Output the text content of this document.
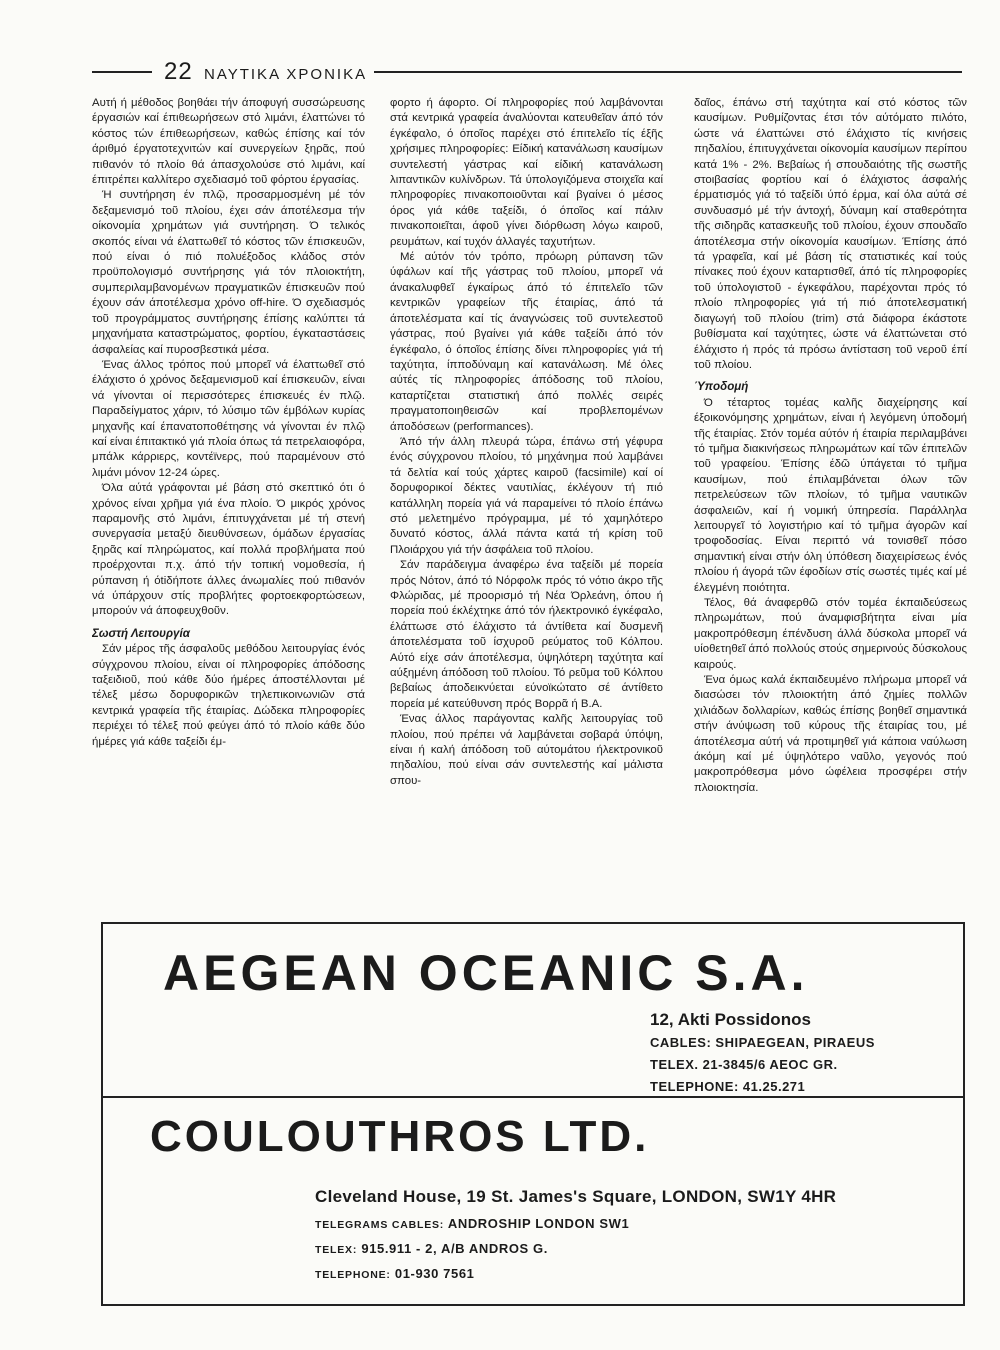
22 ΝΑΥΤΙΚΑ ΧΡΟΝΙΚΑ

Αυτή ή μέθοδος βοηθάει τήν άποφυγή συσσώρευσης έργασιών καί έπιθεωρήσεων στό λιμάνι, έλαττώνει τό κόστος τών έπιθεωρήσεων, καθώς έπίσης καί τόν άριθμό έργατοτεχνιτών καί συνεργείων ξηρᾶς, πού πιθανόν τό πλοίο θά άπασχολούσε στό λιμάνι, καί έπιτρέπει καλλίτερο σχεδιασμό τοῦ φόρτου έργασίας.

Ή συντήρηση έν πλῷ, προσαρμοσμένη μέ τόν δεξαμενισμό τοῦ πλοίου, έχει σάν άποτέλεσμα τήν οίκονομία χρημάτων γιά συντήρηση. Ό τελικός σκοπός είναι νά έλαττωθεῖ τό κόστος τῶν έπισκευῶν, πού είναι ό πιό πολυέξοδος κλάδος στόν προϋπολογισμό συντήρησης γιά τόν πλοιοκτήτη, συμπεριλαμβανομένων πραγματικῶν έπισκευῶν πού έχουν σάν άποτέλεσμα χρόνο off-hire. Ό σχεδιασμός τοῦ προγράμματος συντήρησης έπίσης καλύπτει τά μηχανήματα καταστρώματος, φορτίου, έγκαταστάσεις άσφαλείας καί πυροσβεστικά μέσα.

Ένας άλλος τρόπος πού μπορεῖ νά έλαττωθεῖ στό έλάχιστο ό χρόνος δεξαμενισμοῦ καί έπισκευῶν, είναι νά γίνονται οί περισσότερες έπισκευές έν πλῷ. Παραδείγματος χάριν, τό λύσιμο τῶν έμβόλων κυρίας μηχανῆς καί έπανατοποθέτησης νά γίνονται έν πλῷ καί είναι έπιτακτικό γιά πλοία όπως τά πετρελαιοφόρα, μπάλκ κάρριερς, κοντέϊνερς, πού παραμένουν στό λιμάνι μόνον 12-24 ώρες.

Όλα αύτά γράφονται μέ βάση στό σκεπτικό ότι ό χρόνος είναι χρῆμα γιά ένα πλοίο. Ό μικρός χρόνος παραμονῆς στό λιμάνι, έπιτυγχάνεται μέ τή στενή συνεργασία μεταξύ διευθύνσεων, όμάδων έργασίας ξηρᾶς καί πληρώματος, καί πολλά προβλήματα πού προέρχονται π.χ. άπό τήν τοπική νομοθεσία, ή ρύπανση ή όtiδήποτε άλλες άνωμαλίες πού πιθανόν νά ύπάρχουν στίς προβλήτες φορτοεκφορτώσεων, μπορούν νά άποφευχθοῦν.

Σωστή Λειτουργία

Σάν μέρος τῆς άσφαλοῦς μεθόδου λειτουργίας ένός σύγχρονου πλοίου, είναι οί πληροφορίες άπόδοσης ταξειδιοῦ, πού κάθε δύο ήμέρες άποστέλλονται μέ τέλεξ μέσω δορυφορικῶν τηλεπικοινωνιῶν στά κεντρικά γραφεία τῆς έταιρίας. Δώδεκα πληροφορίες περιέχει τό τέλεξ πού φεύγει άπό τό πλοίο κάθε δύο ήμέρες γιά κάθε ταξείδι έμ-

φορτο ή άφορτο. Οί πληροφορίες πού λαμβάνονται στά κεντρικά γραφεία άναλύονται κατευθεῖαν άπό τόν έγκέφαλο, ό όποῖος παρέχει στό έπιτελεῖο τίς έξῆς χρήσιμες πληροφορίες: Είδική κατανάλωση καυσίμων συντελεστή γάστρας καί είδική κατανάλωση λιπαντικῶν κυλίνδρων. Τά ύπολογιζόμενα στοιχεῖα καί πληροφορίες πινακοποιοῦνται καί βγαίνει ό μέσος όρος γιά κάθε ταξείδι, ό όποῖος καί πάλιν πινακοποιεῖται, άφοῦ γίνει διόρθωση λόγω καιροῦ, ρευμάτων, καί τυχόν άλλαγές ταχυτήτων.

Μέ αύτόν τόν τρόπο, πρόωρη ρύπανση τῶν ύφάλων καί τῆς γάστρας τοῦ πλοίου, μπορεῖ νά άνακαλυφθεῖ έγκαίρως άπό τό έπιτελεῖο τῶν κεντρικῶν γραφείων τῆς έταιρίας, άπό τά άποτελέσματα καί τίς άναγνώσεις τοῦ συντελεστοῦ γάστρας, πού βγαίνει γιά κάθε ταξείδι άπό τόν έγκέφαλο, ό όποῖος έπίσης δίνει πληροφορίες γιά τή ταχύτητα, ίπποδύναμη καί κατανάλωση. Μέ όλες αύτές τίς πληροφορίες άπόδοσης τοῦ πλοίου, καταρτίζεται στατιστική άπό πολλές σειρές πραγματοποιηθεισῶν καί προβλεπομένων άποδόσεων (performances).

Άπό τήν άλλη πλευρά τώρα, έπάνω στή γέφυρα ένός σύγχρονου πλοίου, τό μηχάνημα πού λαμβάνει τά δελτία καί τούς χάρτες καιροῦ (facsimile) καί οί δορυφορικοί δέκτες ναυτιλίας, έκλέγουν τή πιό κατάλληλη πορεία γιά νά παραμείνει τό πλοίο έπάνω στό μελετημένο πρόγραμμα, μέ τό χαμηλότερο δυνατό κόστος, άλλά πάντα κατά τή κρίση τοῦ Πλοιάρχου γιά τήν άσφάλεια τοῦ πλοίου.

Σάν παράδειγμα άναφέρω ένα ταξείδι μέ πορεία πρός Νότον, άπό τό Νόρφολκ πρός τό νότιο άκρο τῆς Φλώριδας, μέ προορισμό τή Νέα Όρλεάνη, όπου ή πορεία πού έκλέχτηκε άπό τόν ήλεκτρονικό έγκέφαλο, έλάττωσε στό έλάχιστο τά άντίθετα καί δυσμενῆ άποτελέσματα τοῦ ίσχυροῦ ρεύματος τοῦ Κόλπου. Αύτό είχε σάν άποτέλεσμα, ύψηλότερη ταχύτητα καί αύξημένη άπόδοση τοῦ πλοίου. Τό ρεῦμα τοῦ Κόλπου βεβαίως άποδεικνύεται εύνοϊκώτατο σέ άντίθετο πορεία μέ κατεύθυνση πρός Βορρᾶ ή Β.Α.

Ένας άλλος παράγοντας καλῆς λειτουργίας τοῦ πλοίου, πού πρέπει νά λαμβάνεται σοβαρά ύπόψη, είναι ή καλή άπόδοση τοῦ αύτομάτου ήλεκτρονικοῦ πηδαλίου, πού είναι σάν συντελεστής καί μάλιστα σπου-

δαῖος, έπάνω στή ταχύτητα καί στό κόστος τῶν καυσίμων. Ρυθμίζοντας έτσι τόν αύτόματο πιλότο, ώστε νά έλαττώνει στό έλάχιστο τίς κινήσεις πηδαλίου, έπιτυγχάνεται οίκονομία καυσίμων περίπου κατά 1% - 2%. Βεβαίως ή σπουδαιότης τῆς σωστῆς στοιβασίας φορτίου καί ό έλάχιστος άσφαλής έρματισμός γιά τό ταξείδι ύπό έρμα, καί όλα αύτά σέ συνδυασμό μέ τήν άντοχή, δύναμη καί σταθερότητα τῆς σιδηρᾶς κατασκευῆς τοῦ πλοίου, έχουν σπουδαῖο άποτέλεσμα στήν οίκονομία καυσίμων. Έπίσης άπό τά γραφεῖα, καί μέ βάση τίς στατιστικές καί τούς πίνακες πού έχουν καταρτισθεῖ, άπό τίς πληροφορίες τοῦ ύπολογιστοῦ - έγκεφάλου, παρέχονται πρός τό πλοίο πληροφορίες γιά τή πιό άποτελεσματική διαγωγή τοῦ πλοίου (trim) στά διάφορα έκάστοτε βυθίσματα καί ταχύτητες, ώστε νά έλαττώνεται στό έλάχιστο ή πρός τά πρόσω άντίσταση τοῦ νεροῦ έπί τοῦ πλοίου.

Ύποδομή

Ό τέταρτος τομέας καλῆς διαχείρησης καί έξοικονόμησης χρημάτων, είναι ή λεγόμενη ύποδομή τῆς έταιρίας. Στόν τομέα αύτόν ή έταιρία περιλαμβάνει τό τμῆμα διακινήσεως πληρωμάτων καί τῶν έπιτελῶν τοῦ γραφείου. Έπίσης έδῶ ύπάγεται τό τμῆμα καυσίμων, πού έπιλαμβάνεται όλων τῶν πετρελεύσεων τῶν πλοίων, τό τμῆμα ναυτικῶν άσφαλειῶν, καί ή νομική ύπηρεσία. Παράλληλα λειτουργεῖ τό λογιστήριο καί τό τμῆμα άγορῶν καί τροφοδοσίας. Είναι περιττό νά τονισθεῖ πόσο σημαντική είναι στήν όλη ύπόθεση διαχειρίσεως ένός πλοίου ή άγορά τῶν έφοδίων στίς σωστές τιμές καί μέ έλεγμένη ποιότητα.

Τέλος, θά άναφερθῶ στόν τομέα έκπαιδεύσεως πληρωμάτων, πού άναμφισβήτητα είναι μία μακροπρόθεσμη έπένδυση άλλά δύσκολα μπορεῖ νά υίοθετηθεῖ άπό πολλούς στούς σημερινούς δύσκολους καιρούς.

Ένα όμως καλά έκπαιδευμένο πλήρωμα μπορεῖ νά διασώσει τόν πλοιοκτήτη άπό ζημίες πολλῶν χιλιάδων δολλαρίων, καθώς έπίσης βοηθεῖ σημαντικά στήν άνύψωση τοῦ κύρους τῆς έταιρίας του, μέ άποτέλεσμα αύτή νά προτιμηθεῖ γιά κάποια ναύλωση άκόμη καί μέ ύψηλότερο ναῦλο, γεγονός πού μακροπρόθεσμα μόνο ώφέλεια προσφέρει στήν πλοιοκτησία.

AEGEAN OCEANIC S.A.
12, Akti Possidonos
CABLES: SHIPAEGEAN, PIRAEUS
TELEX. 21-3845/6 AEOC GR.
TELEPHONE: 41.25.271
COULOUTHROS LTD.
Cleveland House, 19 St. James's Square, LONDON, SW1Y 4HR
TELEGRAMS CABLES: ANDROSHIP LONDON SW1
TELEX: 915.911 - 2, A/B ANDROS G.
TELEPHONE: 01-930 7561
